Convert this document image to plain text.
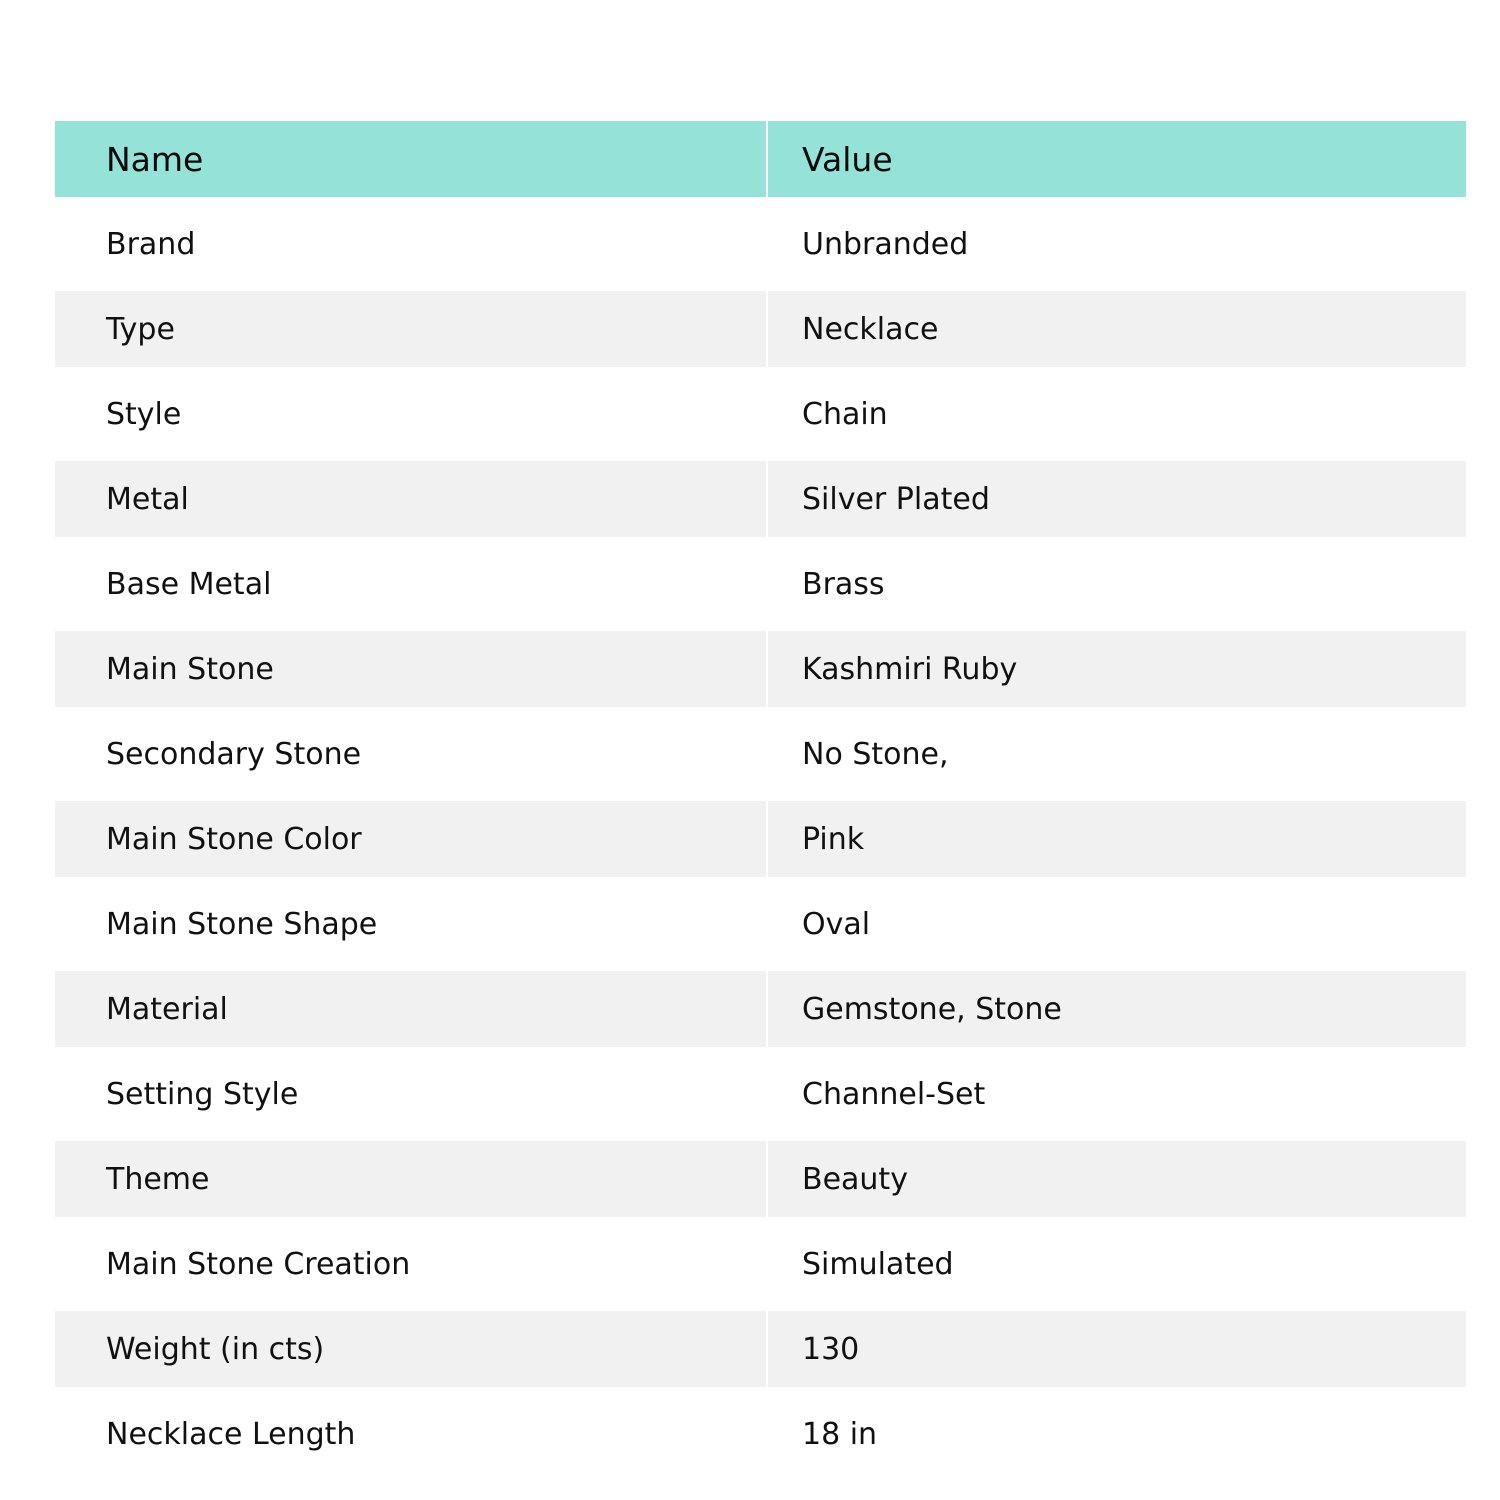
Name	Value
Brand	Unbranded
Type	Necklace
Style	Chain
Metal	Silver Plated
Base Metal	Brass
Main Stone	Kashmiri Ruby
Secondary Stone	No Stone,
Main Stone Color	Pink
Main Stone Shape	Oval
Material	Gemstone, Stone
Setting Style	Channel-Set
Theme	Beauty
Main Stone Creation	Simulated
Weight (in cts)	130
Necklace Length	18 in
